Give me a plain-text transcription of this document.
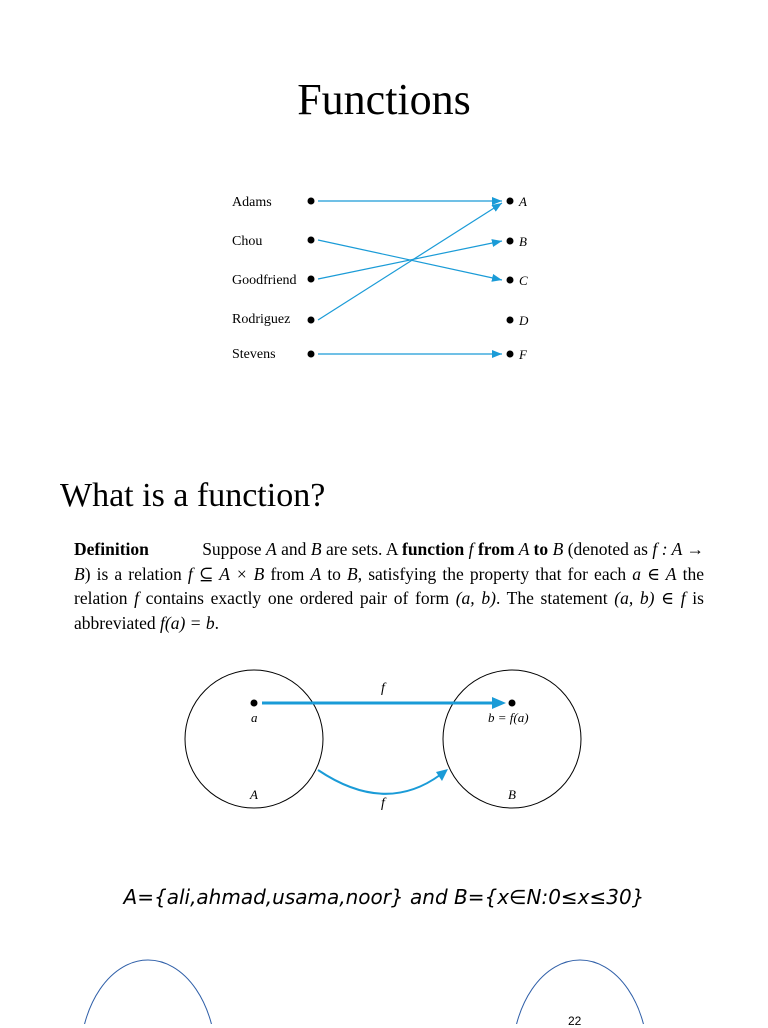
Functions
Adams
Chou
Goodfriend
Rodriguez
Stevens
A
B
C
D
F
f
f
a	b = f(a)
A	B
What is a function?
Definition	Suppose A and B are sets. A function f from A to B (denoted as f : A → B) is a relation f ⊆ A × B from A to B, satisfying the property that for each a ∈ A the relation f contains exactly one ordered pair of form (a, b). The statement (a, b) ∈ f is abbreviated f(a) = b.
A={ali,ahmad,usama,noor} and B={x∈N:0≤x≤30}
22
